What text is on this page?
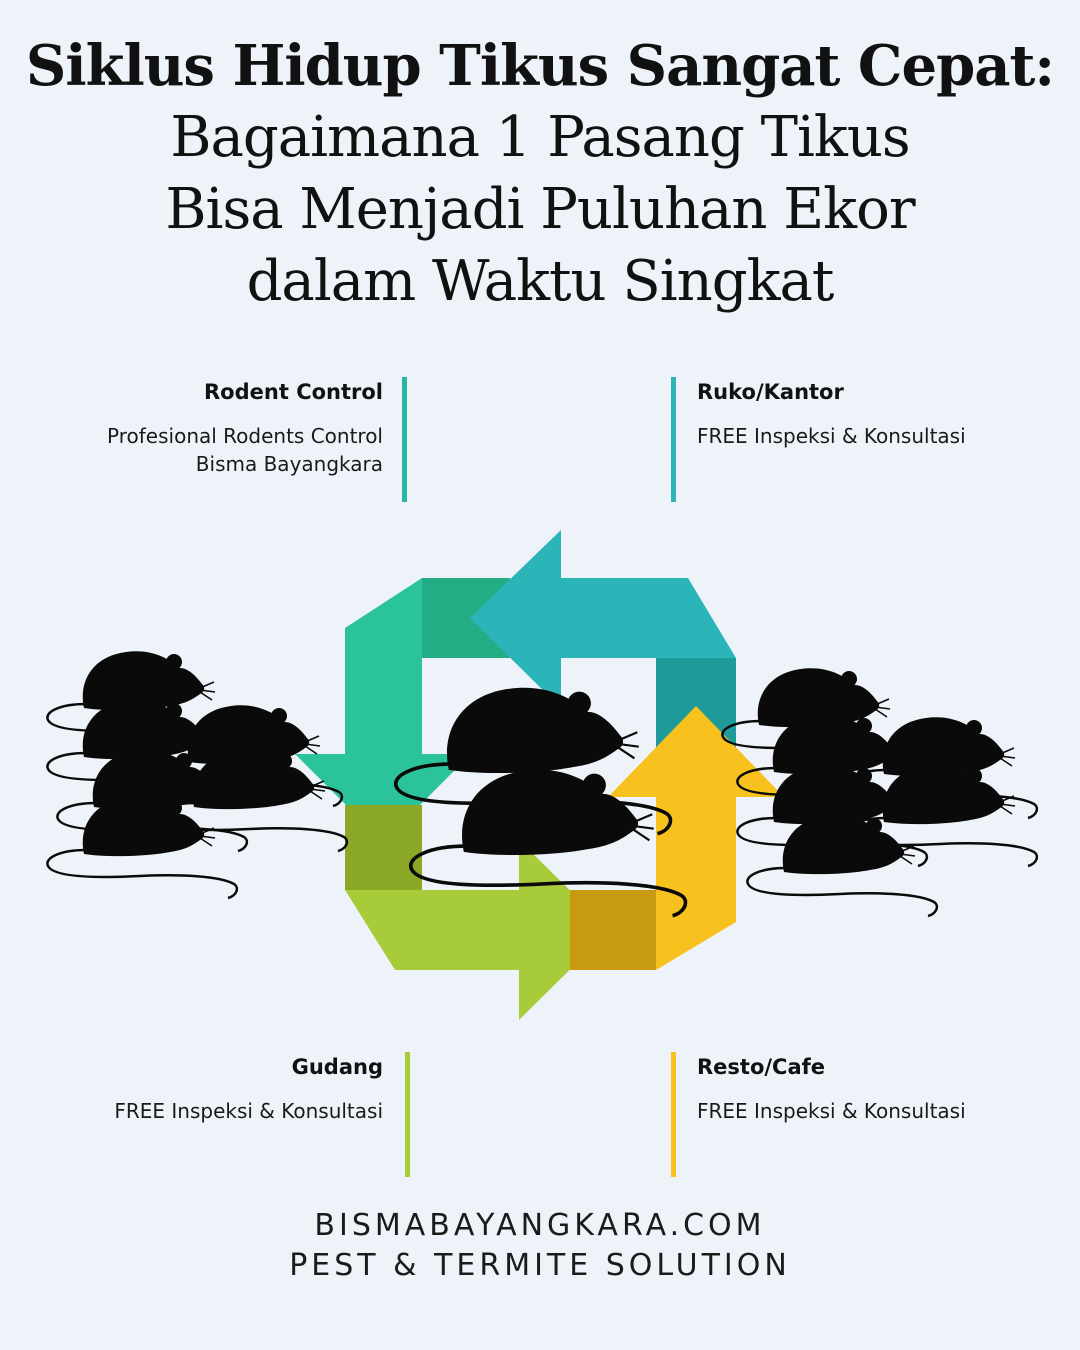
Siklus Hidup Tikus Sangat Cepat:
Bagaimana 1 Pasang Tikus
Bisa Menjadi Puluhan Ekor
dalam Waktu Singkat
Rodent Control
Profesional Rodents Control
Bisma Bayangkara
Ruko/Kantor
FREE Inspeksi & Konsultasi
Gudang
FREE Inspeksi & Konsultasi
Resto/Cafe
FREE Inspeksi & Konsultasi
BISMABAYANGKARA.COM
PEST & TERMITE SOLUTION
